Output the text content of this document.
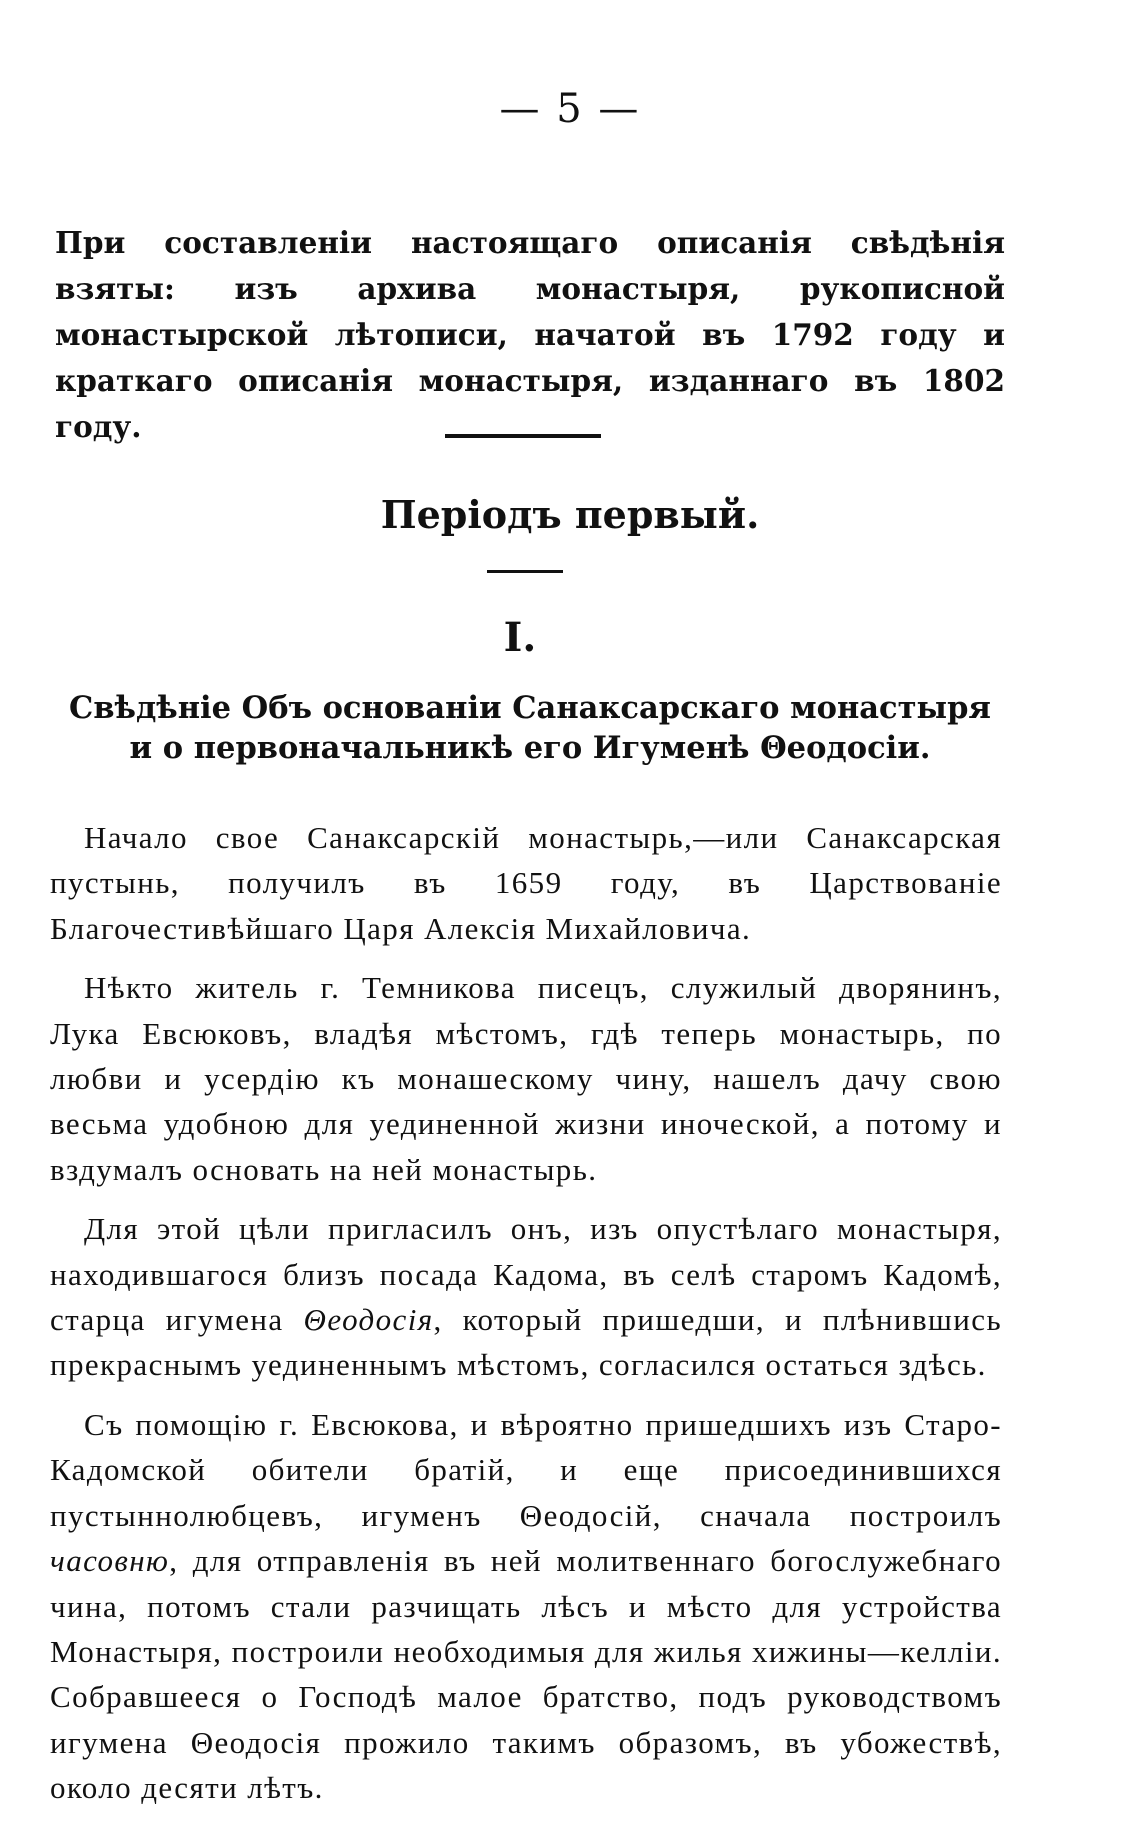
— 5 —

При составленіи настоящаго описанія свѣдѣнія взяты: изъ архива монастыря, рукописной монастырской лѣтописи, начатой въ 1792 году и краткаго описанія монастыря, изданнаго въ 1802 году.

Періодъ первый.
I.
Свѣдѣніе Объ основаніи Санаксарскаго монастыря
и о первоначальникѣ его Игуменѣ Θеодосіи.

Начало свое Санаксарскій монастырь,—или Санаксарская пустынь, получилъ въ 1659 году, въ Царствованіе Благочестивѣйшаго Царя Алексія Михайловича.

Нѣкто житель г. Темникова писецъ, служилый дворянинъ, Лука Евсюковъ, владѣя мѣстомъ, гдѣ теперь монастырь, по любви и усердію къ монашескому чину, нашелъ дачу свою весьма удобною для уединенной жизни иноческой, а потому и вздумалъ основать на ней монастырь.

Для этой цѣли пригласилъ онъ, изъ опустѣлаго монастыря, находившагося близъ посада Кадома, въ селѣ старомъ Кадомѣ, старца игумена Θеодосія, который пришедши, и плѣнившись прекраснымъ уединеннымъ мѣстомъ, согласился остаться здѣсь.

Съ помощію г. Евсюкова, и вѣроятно пришедшихъ изъ Старо-Кадомской обители братій, и еще присоединившихся пустыннолюбцевъ, игуменъ Θеодосій, сначала построилъ часовню, для отправленія въ ней молитвеннаго богослужебнаго чина, потомъ стали разчищать лѣсъ и мѣсто для устройства Монастыря, построили необходимыя для жилья хижины—келліи. Собравшееся о Господѣ малое братство, подъ руководствомъ игумена Θеодосія прожило такимъ образомъ, въ убожествѣ, около десяти лѣтъ.
